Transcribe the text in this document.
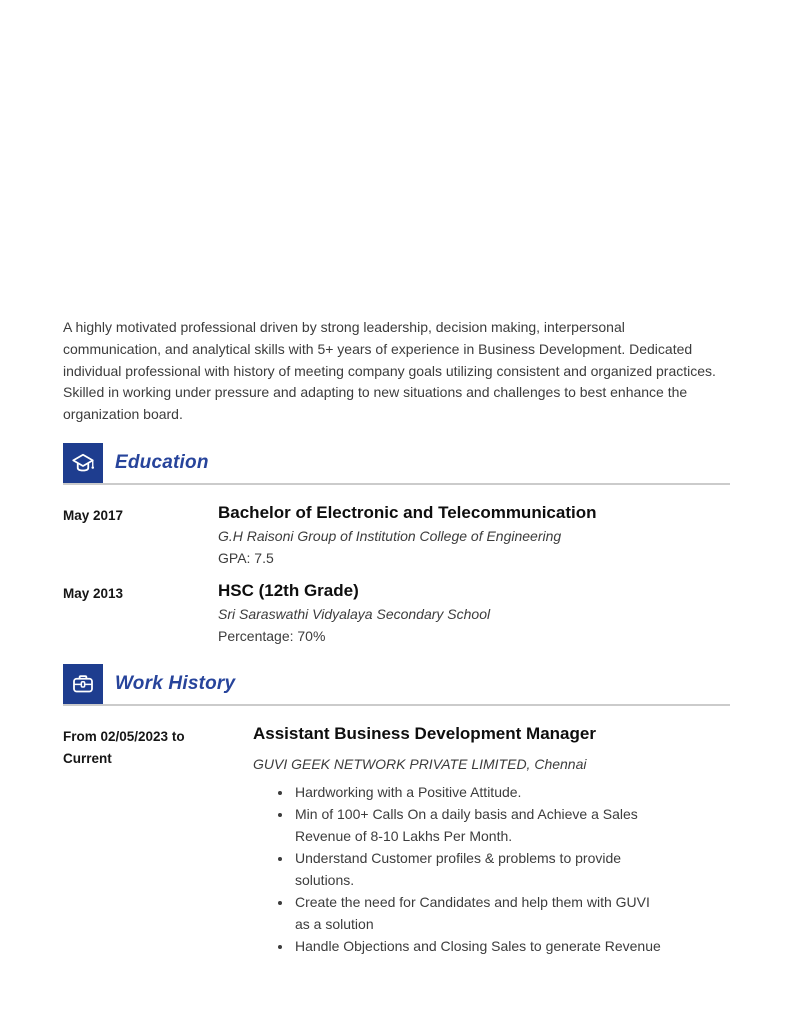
A highly motivated professional driven by strong leadership, decision making, interpersonal communication, and analytical skills with 5+ years of experience in Business Development. Dedicated individual professional with history of meeting company goals utilizing consistent and organized practices. Skilled in working under pressure and adapting to new situations and challenges to best enhance the organization board.

Education
May 2017	Bachelor of Electronic and Telecommunication
G.H Raisoni Group of Institution College of Engineering
GPA: 7.5
May 2013	HSC (12th Grade)
Sri Saraswathi Vidyalaya Secondary School
Percentage: 70%
Work History
From 02/05/2023 to Current
Assistant Business Development Manager
GUVI GEEK NETWORK PRIVATE LIMITED, Chennai
• Hardworking with a Positive Attitude.
• Min of 100+ Calls On a daily basis and Achieve a Sales Revenue of 8-10 Lakhs Per Month.
• Understand Customer profiles & problems to provide solutions.
• Create the need for Candidates and help them with GUVI as a solution
• Handle Objections and Closing Sales to generate Revenue
